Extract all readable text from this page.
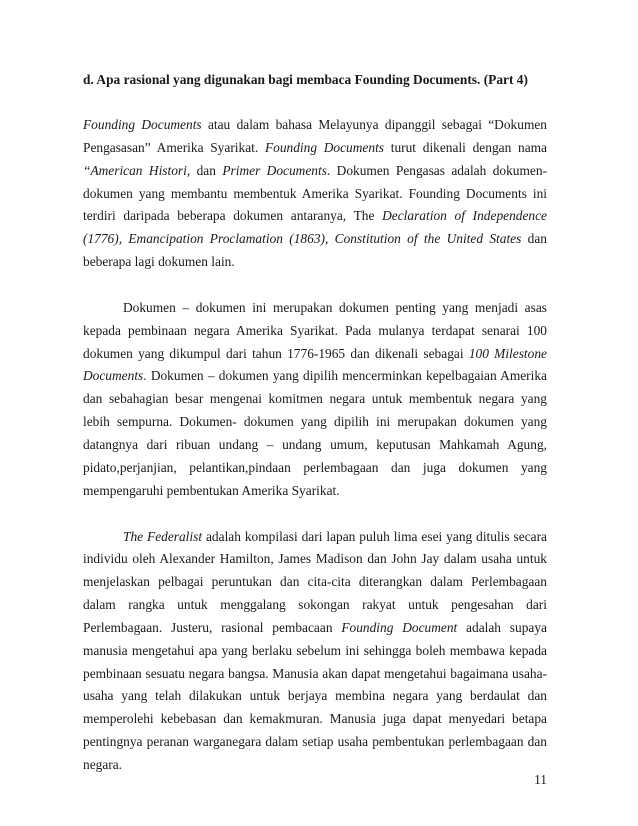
d. Apa rasional yang digunakan bagi membaca Founding Documents. (Part 4)

Founding Documents atau dalam bahasa Melayunya dipanggil sebagai “Dokumen Pengasasan” Amerika Syarikat. Founding Documents turut dikenali dengan nama “American Histori, dan Primer Documents. Dokumen Pengasas adalah dokumen-dokumen yang membantu membentuk Amerika Syarikat. Founding Documents ini terdiri daripada beberapa dokumen antaranya, The Declaration of Independence (1776), Emancipation Proclamation (1863), Constitution of the United States dan beberapa lagi dokumen lain.

Dokumen – dokumen ini merupakan dokumen penting yang menjadi asas kepada pembinaan negara Amerika Syarikat. Pada mulanya terdapat senarai 100 dokumen yang dikumpul dari tahun 1776-1965 dan dikenali sebagai 100 Milestone Documents. Dokumen – dokumen yang dipilih mencerminkan kepelbagaian Amerika dan sebahagian besar mengenai komitmen negara untuk membentuk negara yang lebih sempurna. Dokumen- dokumen yang dipilih ini merupakan dokumen yang datangnya dari ribuan undang – undang umum, keputusan Mahkamah Agung, pidato,perjanjian, pelantikan,pindaan perlembagaan dan juga dokumen yang mempengaruhi pembentukan Amerika Syarikat.

The Federalist adalah kompilasi dari lapan puluh lima esei yang ditulis secara individu oleh Alexander Hamilton, James Madison dan John Jay dalam usaha untuk menjelaskan pelbagai peruntukan dan cita-cita diterangkan dalam Perlembagaan dalam rangka untuk menggalang sokongan rakyat untuk pengesahan dari Perlembagaan. Justeru, rasional pembacaan Founding Document adalah supaya manusia mengetahui apa yang berlaku sebelum ini sehingga boleh membawa kepada pembinaan sesuatu negara bangsa. Manusia akan dapat mengetahui bagaimana usaha-usaha yang telah dilakukan untuk berjaya membina negara yang berdaulat dan memperolehi kebebasan dan kemakmuran. Manusia juga dapat menyedari betapa pentingnya peranan warganegara dalam setiap usaha pembentukan perlembagaan dan negara.

11
